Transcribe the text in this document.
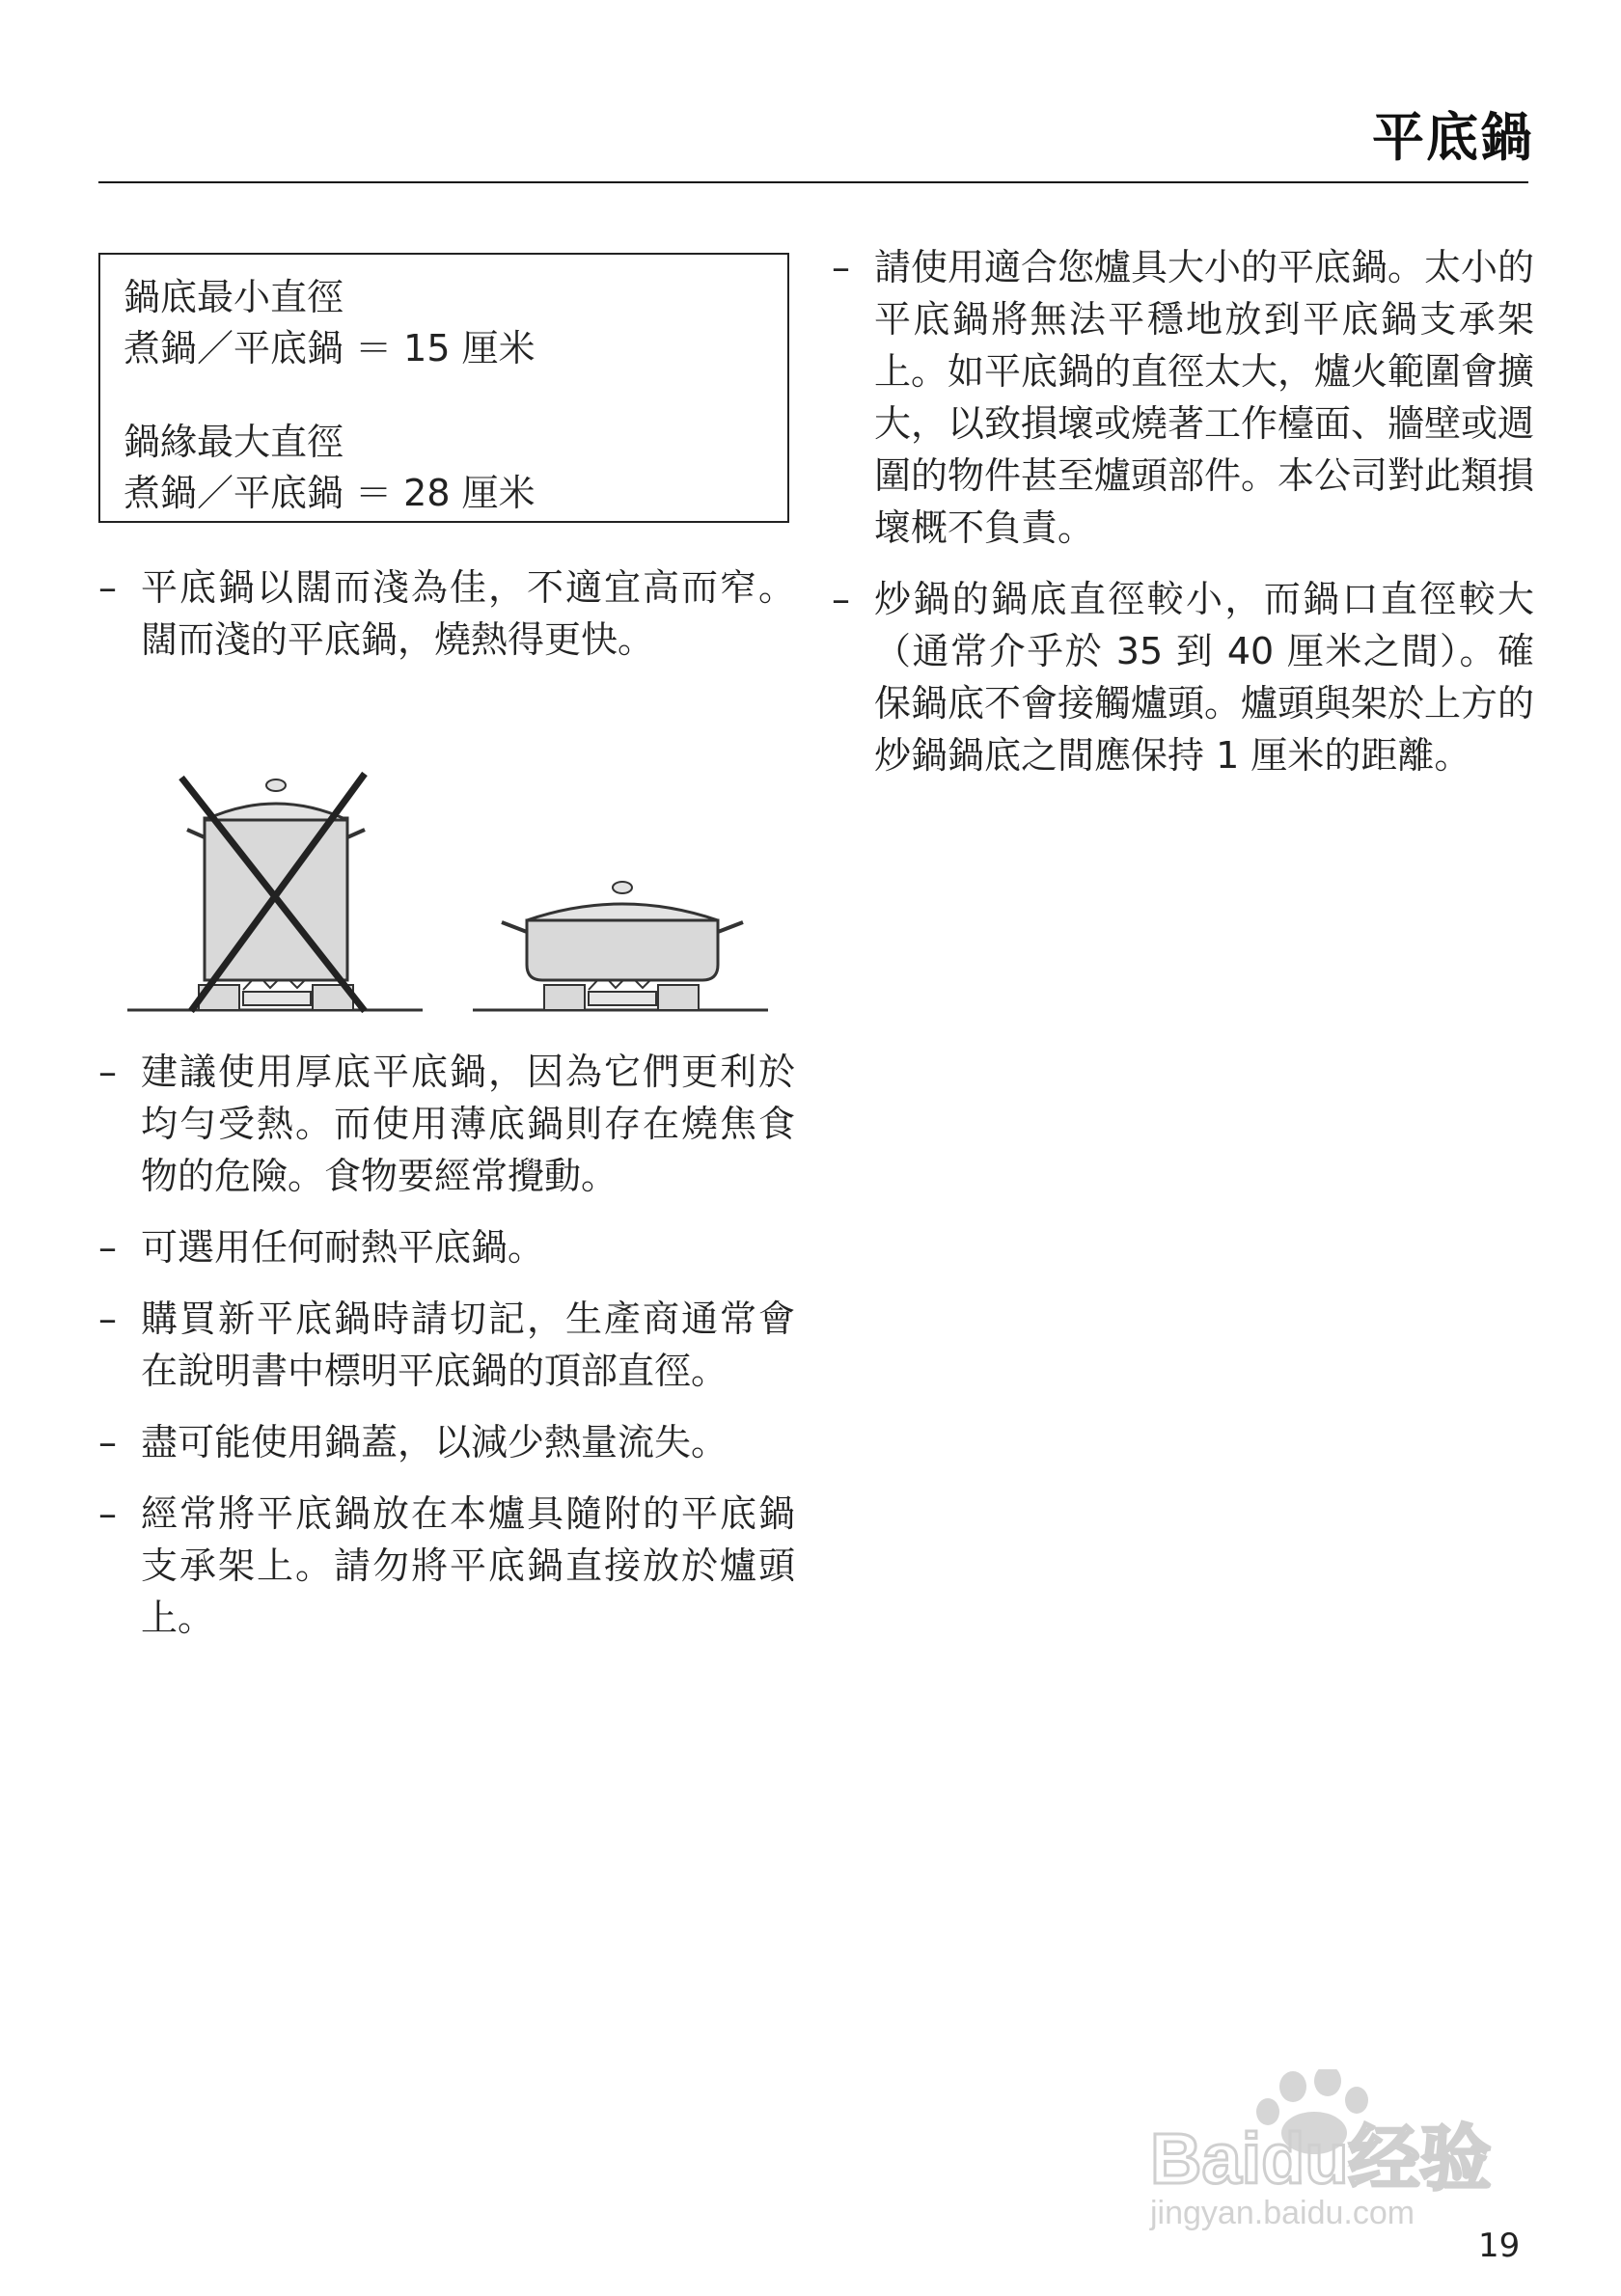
平底鍋
鍋底最小直徑
煮鍋／平底鍋 ＝ 15 厘米
鍋緣最大直徑
煮鍋／平底鍋 ＝ 28 厘米
– 平底鍋以闊而淺為佳，不適宜高而窄。闊而淺的平底鍋，燒熱得更快。
– 建議使用厚底平底鍋，因為它們更利於均勻受熱。而使用薄底鍋則存在燒焦食物的危險。食物要經常攪動。
– 可選用任何耐熱平底鍋。
– 購買新平底鍋時請切記，生產商通常會在說明書中標明平底鍋的頂部直徑。
– 盡可能使用鍋蓋，以減少熱量流失。
– 經常將平底鍋放在本爐具隨附的平底鍋支承架上。請勿將平底鍋直接放於爐頭上。
– 請使用適合您爐具大小的平底鍋。太小的平底鍋將無法平穩地放到平底鍋支承架上。如平底鍋的直徑太大，爐火範圍會擴大，以致損壞或燒著工作檯面、牆壁或週圍的物件甚至爐頭部件。本公司對此類損壞概不負責。
– 炒鍋的鍋底直徑較小，而鍋口直徑較大（通常介乎於 35 到 40 厘米之間）。確保鍋底不會接觸爐頭。爐頭與架於上方的炒鍋鍋底之間應保持 1 厘米的距離。
Baidu经验
jingyan.baidu.com
19
